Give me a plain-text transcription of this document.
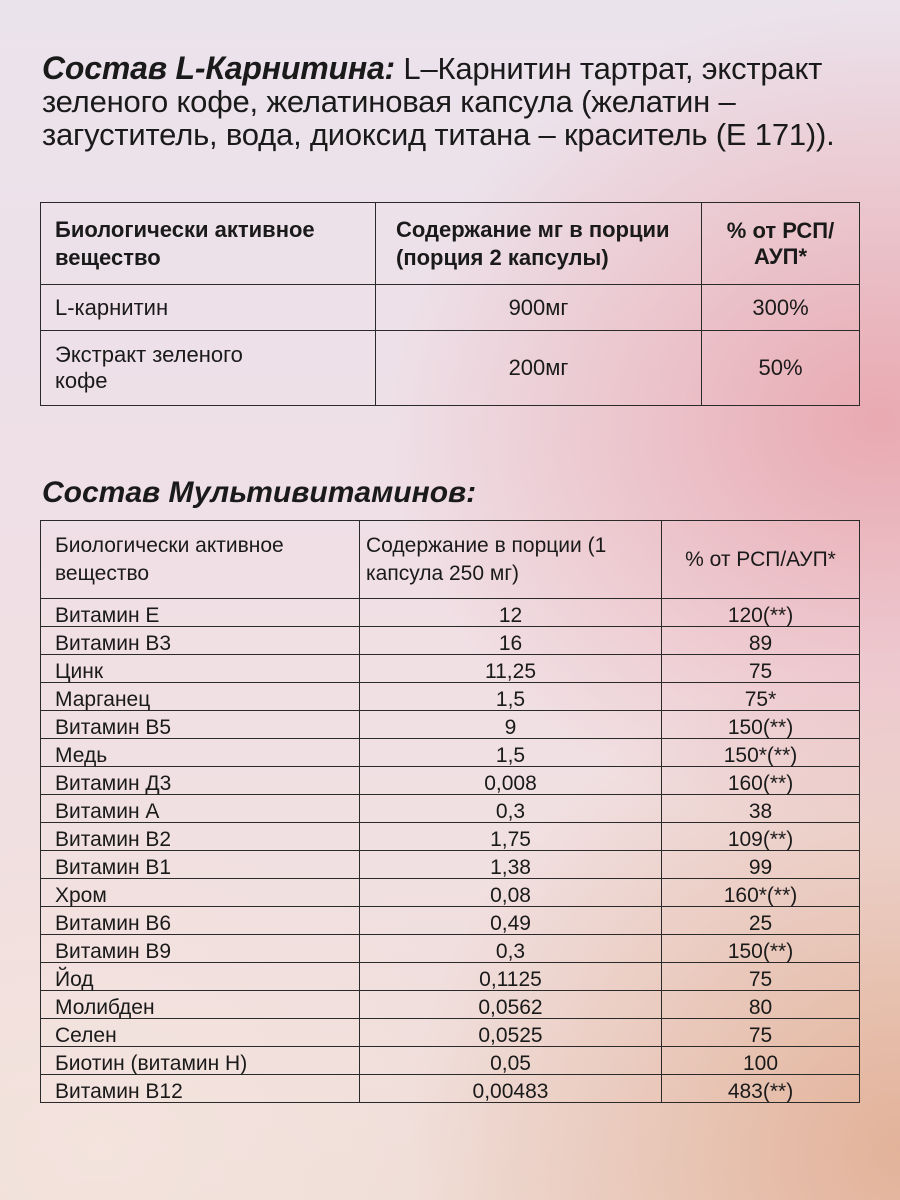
Состав L-Карнитина: L–Карнитин тартрат, экстракт зеленого кофе, желатиновая капсула (желатин – загуститель, вода, диоксид титана – краситель (Е 171)).
Биологически активное вещество	Содержание мг в порции (порция 2 капсулы)	% от РСП/АУП*
L-карнитин	900мг	300%
Экстракт зеленого кофе	200мг	50%
Состав Мультивитаминов:
Биологически активное вещество	Содержание в порции (1 капсула 250 мг)	% от РСП/АУП*
Витамин Е	12	120(**)
Витамин В3	16	89
Цинк	11,25	75
Марганец	1,5	75*
Витамин В5	9	150(**)
Медь	1,5	150*(**)
Витамин Д3	0,008	160(**)
Витамин А	0,3	38
Витамин В2	1,75	109(**)
Витамин В1	1,38	99
Хром	0,08	160*(**)
Витамин В6	0,49	25
Витамин В9	0,3	150(**)
Йод	0,1125	75
Молибден	0,0562	80
Селен	0,0525	75
Биотин (витамин Н)	0,05	100
Витамин В12	0,00483	483(**)
